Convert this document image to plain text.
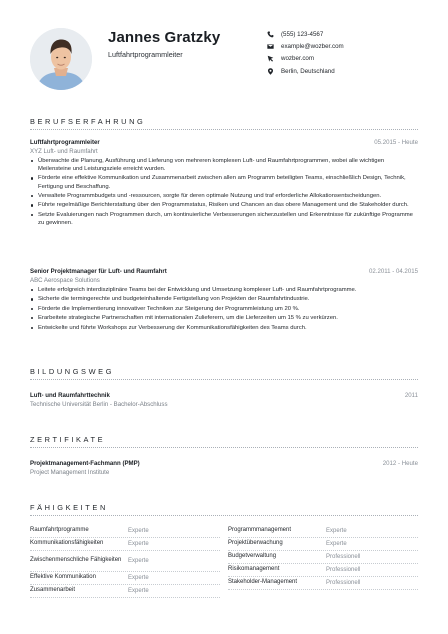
Jannes Gratzky
Luftfahrtprogrammleiter
(555) 123-4567
example@wozber.com
wozber.com
Berlin, Deutschland
BERUFSERFAHRUNG
Luftfahrtprogrammleiter	05.2015 - Heute
XYZ Luft- und Raumfahrt
Überwachte die Planung, Ausführung und Lieferung von mehreren komplexen Luft- und Raumfahrtprogrammen, wobei alle wichtigen Meilensteine und Leistungsziele erreicht wurden.
Förderte eine effektive Kommunikation und Zusammenarbeit zwischen allen am Programm beteiligten Teams, einschließlich Design, Technik, Fertigung und Beschaffung.
Verwaltete Programmbudgets und -ressourcen, sorgte für deren optimale Nutzung und traf erforderliche Allokationsentscheidungen.
Führte regelmäßige Berichterstattung über den Programmstatus, Risiken und Chancen an das obere Management und die Stakeholder durch.
Setzte Evaluierungen nach Programmen durch, um kontinuierliche Verbesserungen sicherzustellen und Erkenntnisse für zukünftige Programme zu gewinnen.
Senior Projektmanager für Luft- und Raumfahrt	02.2011 - 04.2015
ABC Aerospace Solutions
Leitete erfolgreich interdisziplinäre Teams bei der Entwicklung und Umsetzung komplexer Luft- und Raumfahrtprogramme.
Sicherte die termingerechte und budgeteinhaltende Fertigstellung von Projekten der Raumfahrtindustrie.
Förderte die Implementierung innovativer Techniken zur Steigerung der Programmleistung um 20 %.
Erarbeitete strategische Partnerschaften mit internationalen Zulieferern, um die Lieferzeiten um 15 % zu verkürzen.
Entwickelte und führte Workshops zur Verbesserung der Kommunikationsfähigkeiten des Teams durch.
BILDUNGSWEG
Luft- und Raumfahrttechnik	2011
Technische Universität Berlin - Bachelor-Abschluss
ZERTIFIKATE
Projektmanagement-Fachmann (PMP)	2012 - Heute
Project Management Institute
FÄHIGKEITEN
Raumfahrtprogramme	Experte
Kommunikationsfähigkeiten	Experte
Zwischenmenschliche Fähigkeiten	Experte
Effektive Kommunikation	Experte
Zusammenarbeit	Experte
Programmmanagement	Experte
Projektüberwachung	Experte
Budgetverwaltung	Professionell
Risikomanagement	Professionell
Stakeholder-Management	Professionell
